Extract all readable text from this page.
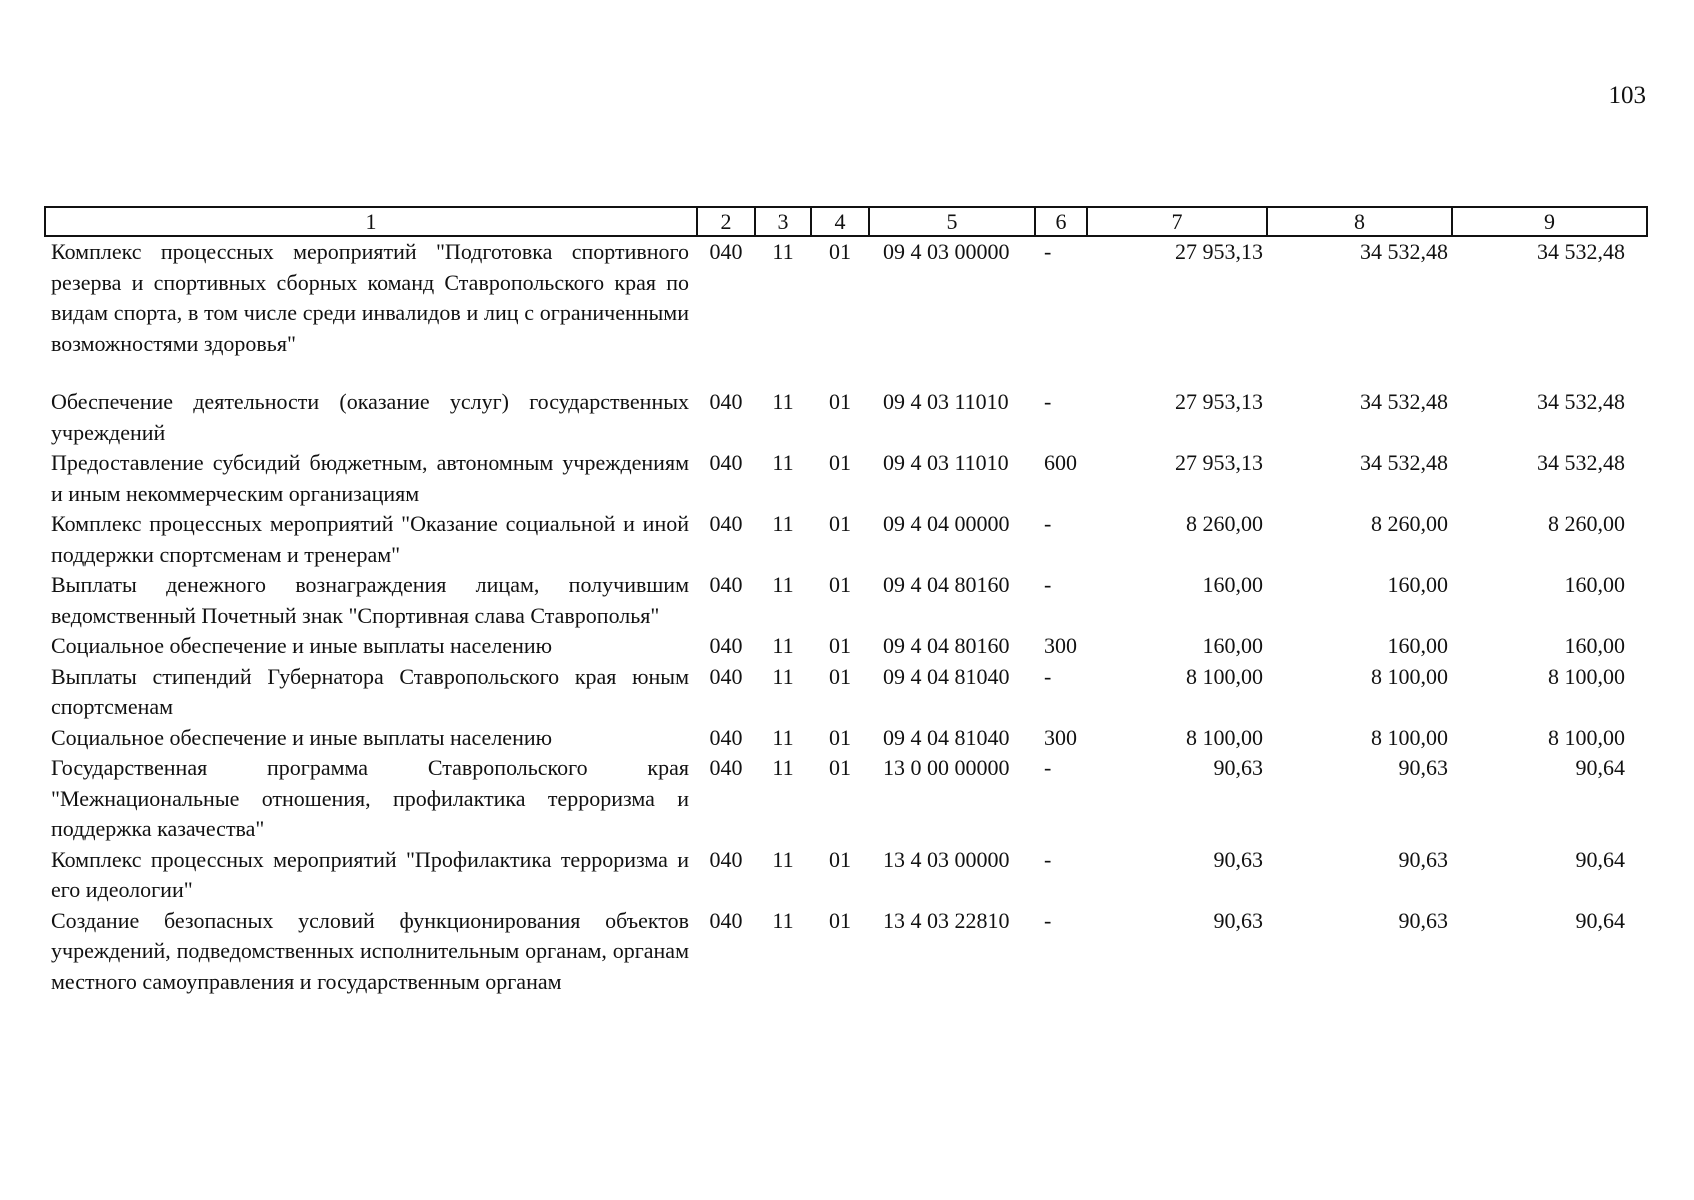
103
1	2	3	4	5	6	7	8	9
Комплекс процессных мероприятий "Подготовка спортивного резерва и спортивных сборных команд Ставропольского края по видам спорта, в том числе среди инвалидов и лиц с ограниченными возможностями здоровья"	040	11	01	09 4 03 00000	-	27 953,13	34 532,48	34 532,48
Обеспечение деятельности (оказание услуг) государственных учреждений	040	11	01	09 4 03 11010	-	27 953,13	34 532,48	34 532,48
Предоставление субсидий бюджетным, автономным учреждениям и иным некоммерческим организациям	040	11	01	09 4 03 11010	600	27 953,13	34 532,48	34 532,48
Комплекс процессных мероприятий "Оказание социальной и иной поддержки спортсменам и тренерам"	040	11	01	09 4 04 00000	-	8 260,00	8 260,00	8 260,00
Выплаты денежного вознаграждения лицам, получившим ведомственный Почетный знак "Спортивная слава Ставрополья"	040	11	01	09 4 04 80160	-	160,00	160,00	160,00
Социальное обеспечение и иные выплаты населению	040	11	01	09 4 04 80160	300	160,00	160,00	160,00
Выплаты стипендий Губернатора Ставропольского края юным спортсменам	040	11	01	09 4 04 81040	-	8 100,00	8 100,00	8 100,00
Социальное обеспечение и иные выплаты населению	040	11	01	09 4 04 81040	300	8 100,00	8 100,00	8 100,00
Государственная программа Ставропольского края "Межнациональные отношения, профилактика терроризма и поддержка казачества"	040	11	01	13 0 00 00000	-	90,63	90,63	90,64
Комплекс процессных мероприятий "Профилактика терроризма и его идеологии"	040	11	01	13 4 03 00000	-	90,63	90,63	90,64
Создание безопасных условий функционирования объектов учреждений, подведомственных исполнительным органам, органам местного самоуправления и государственным органам	040	11	01	13 4 03 22810	-	90,63	90,63	90,64
